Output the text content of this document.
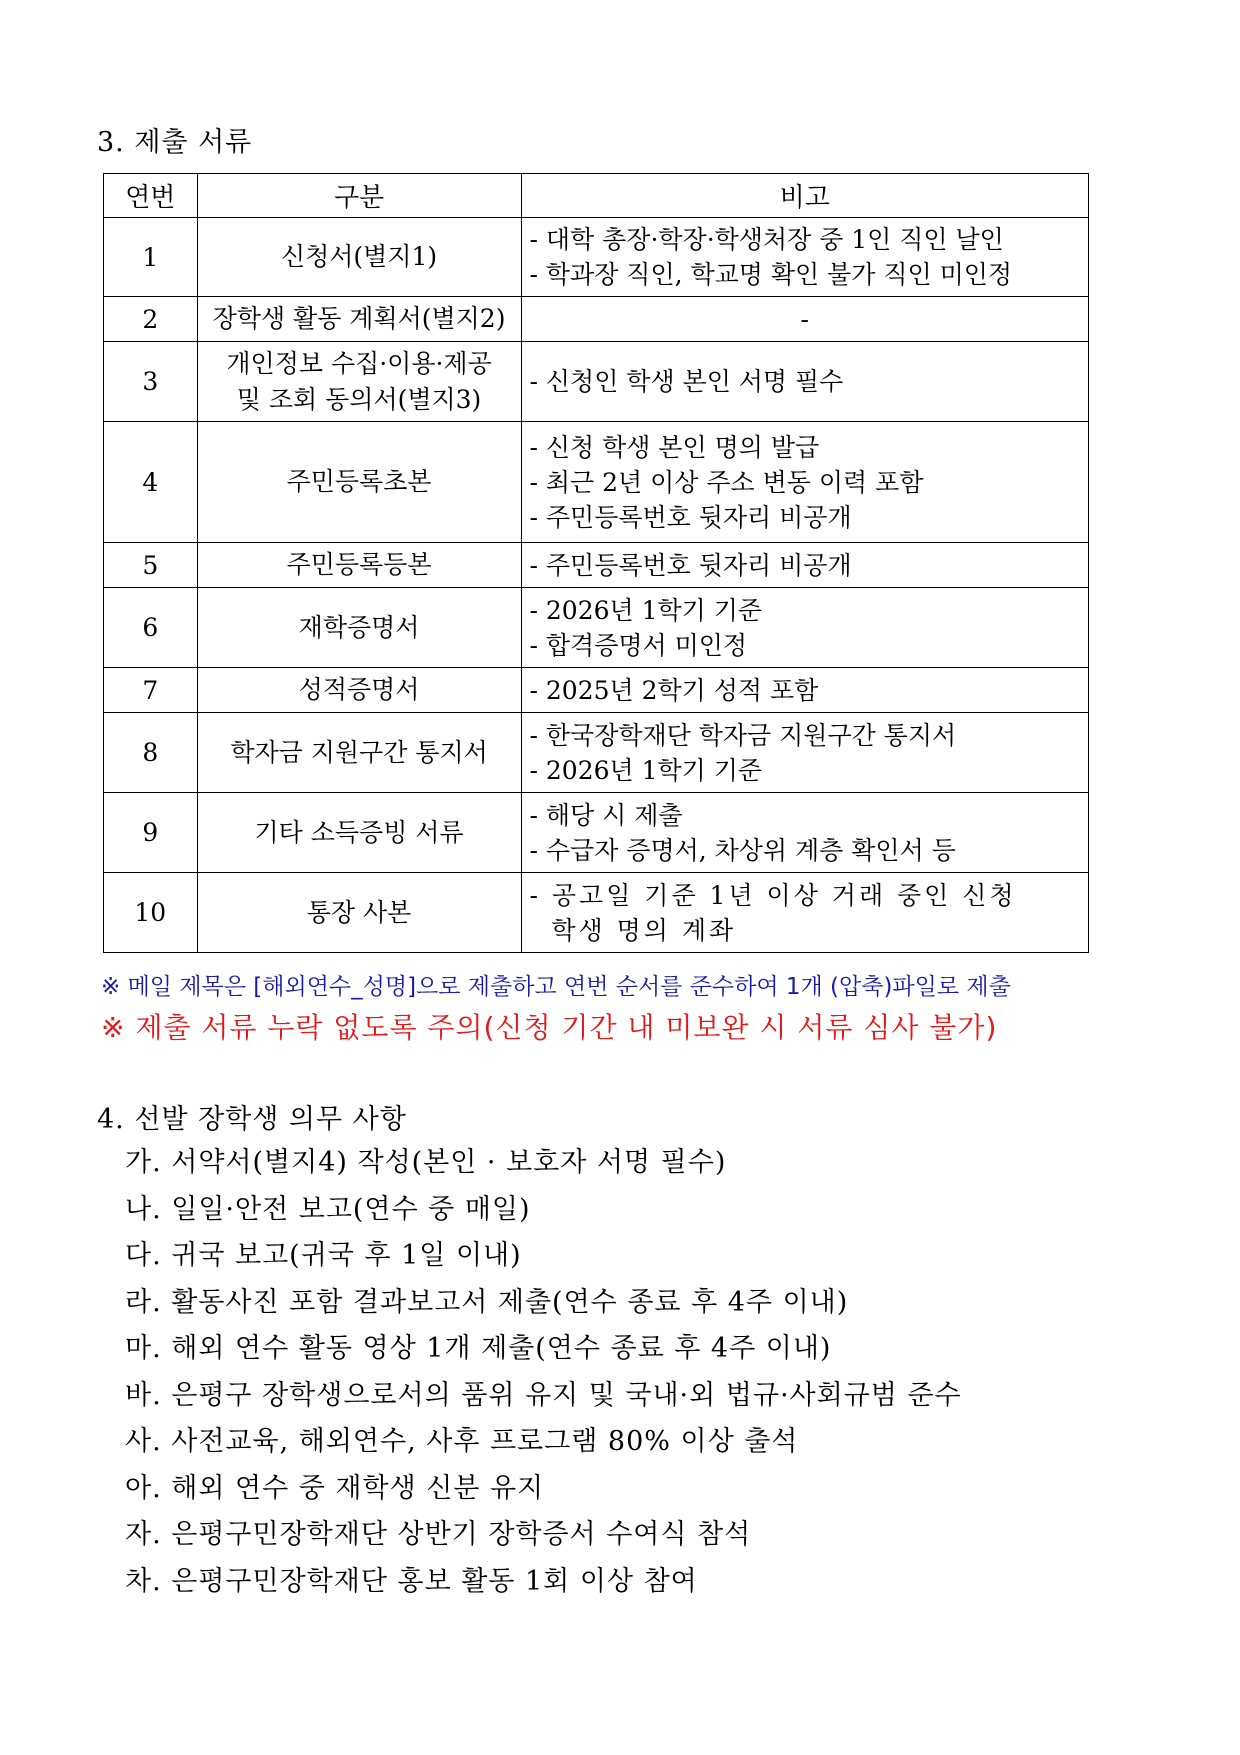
3. 제출 서류
연번	구분	비고
1	신청서(별지1)	- 대학 총장·학장·학생처장 중 1인 직인 날인
- 학과장 직인, 학교명 확인 불가 직인 미인정

2	장학생 활동 계획서(별지2)	-

3	개인정보 수집·이용·제공
및 조회 동의서(별지3)	- 신청인 학생 본인 서명 필수

4	주민등록초본	- 신청 학생 본인 명의 발급
- 최근 2년 이상 주소 변동 이력 포함
- 주민등록번호 뒷자리 비공개

5	주민등록등본	- 주민등록번호 뒷자리 비공개

6	재학증명서	- 2026년 1학기 기준
- 합격증명서 미인정

7	성적증명서	- 2025년 2학기 성적 포함

8	학자금 지원구간 통지서	- 한국장학재단 학자금 지원구간 통지서
- 2026년 1학기 기준

9	기타 소득증빙 서류	- 해당 시 제출
- 수급자 증명서, 차상위 계층 확인서 등

10	통장 사본	- 공고일 기준 1년 이상 거래 중인 신청
학생 명의 계좌
※ 메일 제목은 [해외연수_성명]으로 제출하고 연번 순서를 준수하여 1개 (압축)파일로 제출
※ 제출 서류 누락 없도록 주의(신청 기간 내 미보완 시 서류 심사 불가)
4. 선발 장학생 의무 사항
가. 서약서(별지4) 작성(본인 · 보호자 서명 필수)
나. 일일·안전 보고(연수 중 매일)
다. 귀국 보고(귀국 후 1일 이내)
라. 활동사진 포함 결과보고서 제출(연수 종료 후 4주 이내)
마. 해외 연수 활동 영상 1개 제출(연수 종료 후 4주 이내)
바. 은평구 장학생으로서의 품위 유지 및 국내·외 법규·사회규범 준수
사. 사전교육, 해외연수, 사후 프로그램 80% 이상 출석
아. 해외 연수 중 재학생 신분 유지
자. 은평구민장학재단 상반기 장학증서 수여식 참석
차. 은평구민장학재단 홍보 활동 1회 이상 참여
